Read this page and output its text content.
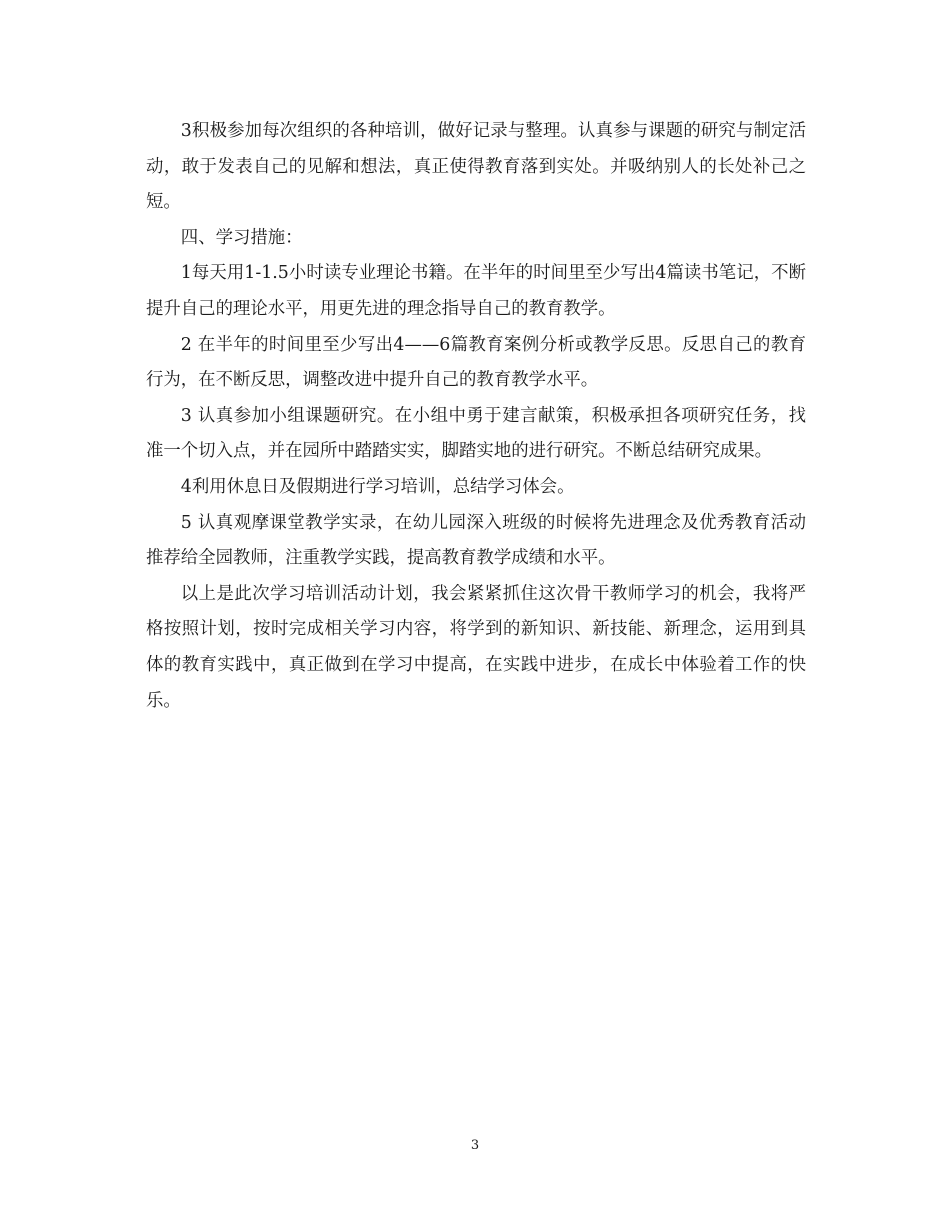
3积极参加每次组织的各种培训，做好记录与整理。认真参与课题的研究与制定活动，敢于发表自己的见解和想法，真正使得教育落到实处。并吸纳别人的长处补己之短。

四、学习措施：

1每天用1-1.5小时读专业理论书籍。在半年的时间里至少写出4篇读书笔记，不断提升自己的理论水平，用更先进的理念指导自己的教育教学。

2 在半年的时间里至少写出4——6篇教育案例分析或教学反思。反思自己的教育行为，在不断反思，调整改进中提升自己的教育教学水平。

3 认真参加小组课题研究。在小组中勇于建言献策，积极承担各项研究任务，找准一个切入点，并在园所中踏踏实实，脚踏实地的进行研究。不断总结研究成果。

4利用休息日及假期进行学习培训，总结学习体会。

5 认真观摩课堂教学实录，在幼儿园深入班级的时候将先进理念及优秀教育活动推荐给全园教师，注重教学实践，提高教育教学成绩和水平。

以上是此次学习培训活动计划，我会紧紧抓住这次骨干教师学习的机会，我将严格按照计划，按时完成相关学习内容，将学到的新知识、新技能、新理念，运用到具体的教育实践中，真正做到在学习中提高，在实践中进步，在成长中体验着工作的快乐。

3
